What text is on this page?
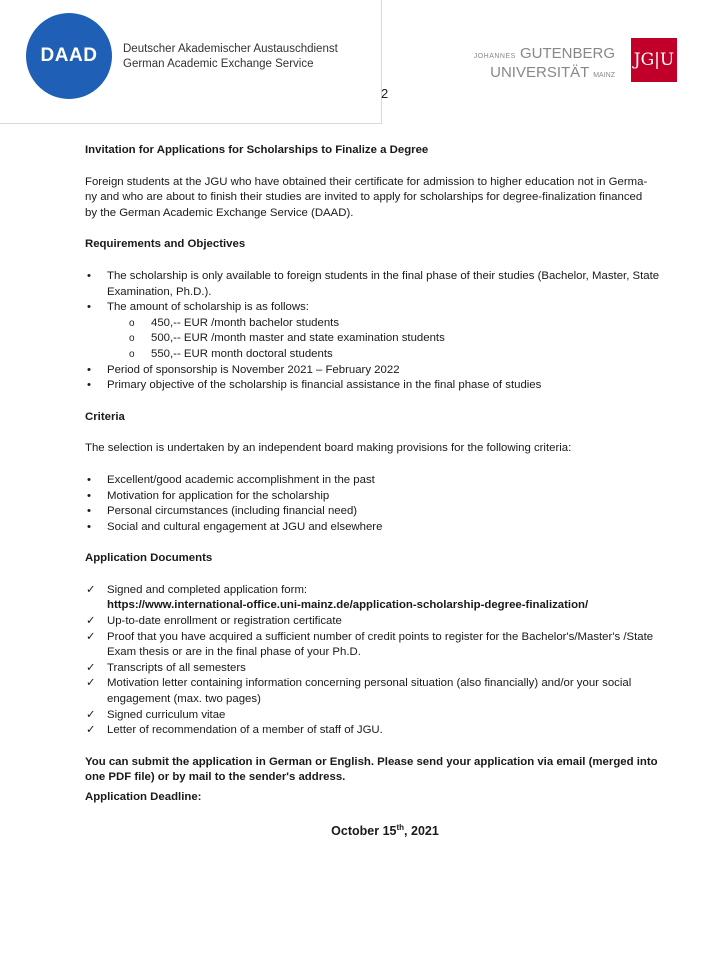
DAAD Deutscher Akademischer Austauschdienst
German Academic Exchange Service
2
JOHANNES GUTENBERG
UNIVERSITÄT MAINZ
JG|U

Invitation for Applications for Scholarships to Finalize a Degree

Foreign students at the JGU who have obtained their certificate for admission to higher education not in Germa-
ny and who are about to finish their studies are invited to apply for scholarships for degree-finalization financed
by the German Academic Exchange Service (DAAD).

Requirements and Objectives

• The scholarship is only available to foreign students in the final phase of their studies (Bachelor, Master, State Examination, Ph.D.).
• The amount of scholarship is as follows:
o 450,-- EUR /month bachelor students
o 500,-- EUR /month master and state examination students
o 550,-- EUR month doctoral students
• Period of sponsorship is November 2021 – February 2022
• Primary objective of the scholarship is financial assistance in the final phase of studies

Criteria

The selection is undertaken by an independent board making provisions for the following criteria:

• Excellent/good academic accomplishment in the past
• Motivation for application for the scholarship
• Personal circumstances (including financial need)
• Social and cultural engagement at JGU and elsewhere

Application Documents

✓ Signed and completed application form:
https://www.international-office.uni-mainz.de/application-scholarship-degree-finalization/
✓ Up-to-date enrollment or registration certificate
✓ Proof that you have acquired a sufficient number of credit points to register for the Bachelor's/Master's /State Exam thesis or are in the final phase of your Ph.D.
✓ Transcripts of all semesters
✓ Motivation letter containing information concerning personal situation (also financially) and/or your social engagement (max. two pages)
✓ Signed curriculum vitae
✓ Letter of recommendation of a member of staff of JGU.

You can submit the application in German or English. Please send your application via email (merged into one PDF file) or by mail to the sender's address.

Application Deadline:

October 15th, 2021
